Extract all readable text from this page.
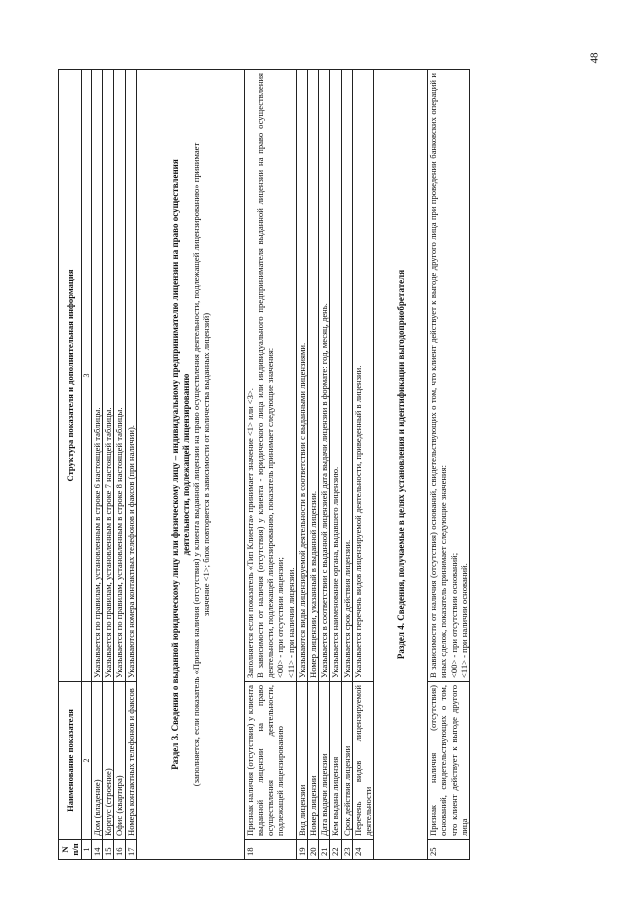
48
N п/п	Наименование показателя	Структура показателя и дополнительная информация
1	2	3
14	Дом (владение)	Указывается по правилам, установленным в строке 6 настоящей таблицы.
15	Корпус (строение)	Указывается по правилам, установленным в строке 7 настоящей таблицы.
16	Офис (квартира)	Указывается по правилам, установленным в строке 8 настоящей таблицы.
17	Номера контактных телефонов и факсов	Указываются номера контактных телефонов и факсов (при наличии).

Раздел 3. Сведения о выданной юридическому лицу или физическому лицу – индивидуальному предпринимателю лицензии на право осуществления деятельности, подлежащей лицензированию (заполняется, если показатель «Признак наличия (отсутствия) у клиента выданной лицензии на право осуществления деятельности, подлежащей лицензированию» принимает значение <1>; блок повторяется в зависимости от количества выданных лицензий)		

18	Признак наличия (отсутствия) у клиента выданной лицензии на право осуществления деятельности, подлежащей лицензированию	Заполняется если показатель «Тип Клиента» принимает значение <1> или <3>. В зависимости от наличия (отсутствия) у клиента - юридического лица или индивидуального предпринимателя выданной лицензии на право осуществления деятельности, подлежащей лицензированию, показатель принимает следующие значения: <00> - при отсутствии лицензии; <11> - при наличии лицензии.

19	Вид лицензии	Указываются виды лицензируемой деятельности в соответствии с выданными лицензиями.
20	Номер лицензии	Номер лицензии, указанный в выданной лицензии.
21	Дата выдачи лицензии	Указывается в соответствии с выданной лицензией дата выдачи лицензии в формате: год, месяц, день.
22	Кем выдана лицензия	Указывается наименование органа, выдавшего лицензию.
23	Срок действия лицензии	Указывается срок действия лицензии.
24	Перечень видов лицензируемой деятельности	Указывается перечень видов лицензируемой деятельности, приведенный в лицензии.

Раздел 4. Сведения, получаемые в целях установления и идентификации выгодоприобретателя		

25	Признак наличия (отсутствия) оснований, свидетельствующих о том, что клиент действует к выгоде другого лица	В зависимости от наличия (отсутствия) оснований, свидетельствующих о том, что клиент действует к выгоде другого лица при проведении банковских операций и иных сделок, показатель принимает следующие значения: <00> - при отсутствии оснований; <11> - при наличии оснований.
